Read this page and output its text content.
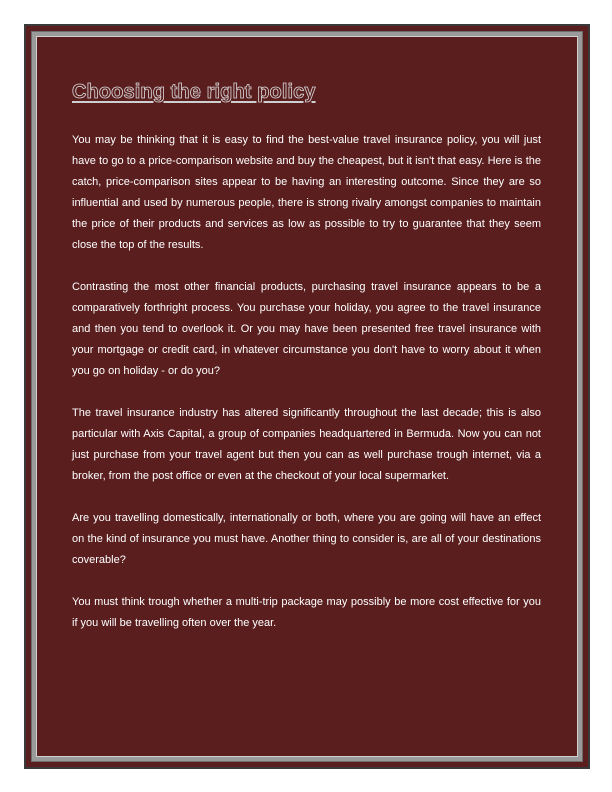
Choosing the right policy

You may be thinking that it is easy to find the best-value travel insurance policy, you will just have to go to a price-comparison website and buy the cheapest, but it isn't that easy. Here is the catch, price-comparison sites appear to be having an interesting outcome. Since they are so influential and used by numerous people, there is strong rivalry amongst companies to maintain the price of their products and services as low as possible to try to guarantee that they seem close the top of the results.

Contrasting the most other financial products, purchasing travel insurance appears to be a comparatively forthright process. You purchase your holiday, you agree to the travel insurance and then you tend to overlook it. Or you may have been presented free travel insurance with your mortgage or credit card, in whatever circumstance you don't have to worry about it when you go on holiday - or do you?

The travel insurance industry has altered significantly throughout the last decade; this is also particular with Axis Capital, a group of companies headquartered in Bermuda. Now you can not just purchase from your travel agent but then you can as well purchase trough internet, via a broker, from the post office or even at the checkout of your local supermarket.

Are you travelling domestically, internationally or both, where you are going will have an effect on the kind of insurance you must have. Another thing to consider is, are all of your destinations coverable?

You must think trough whether a multi-trip package may possibly be more cost effective for you if you will be travelling often over the year.
